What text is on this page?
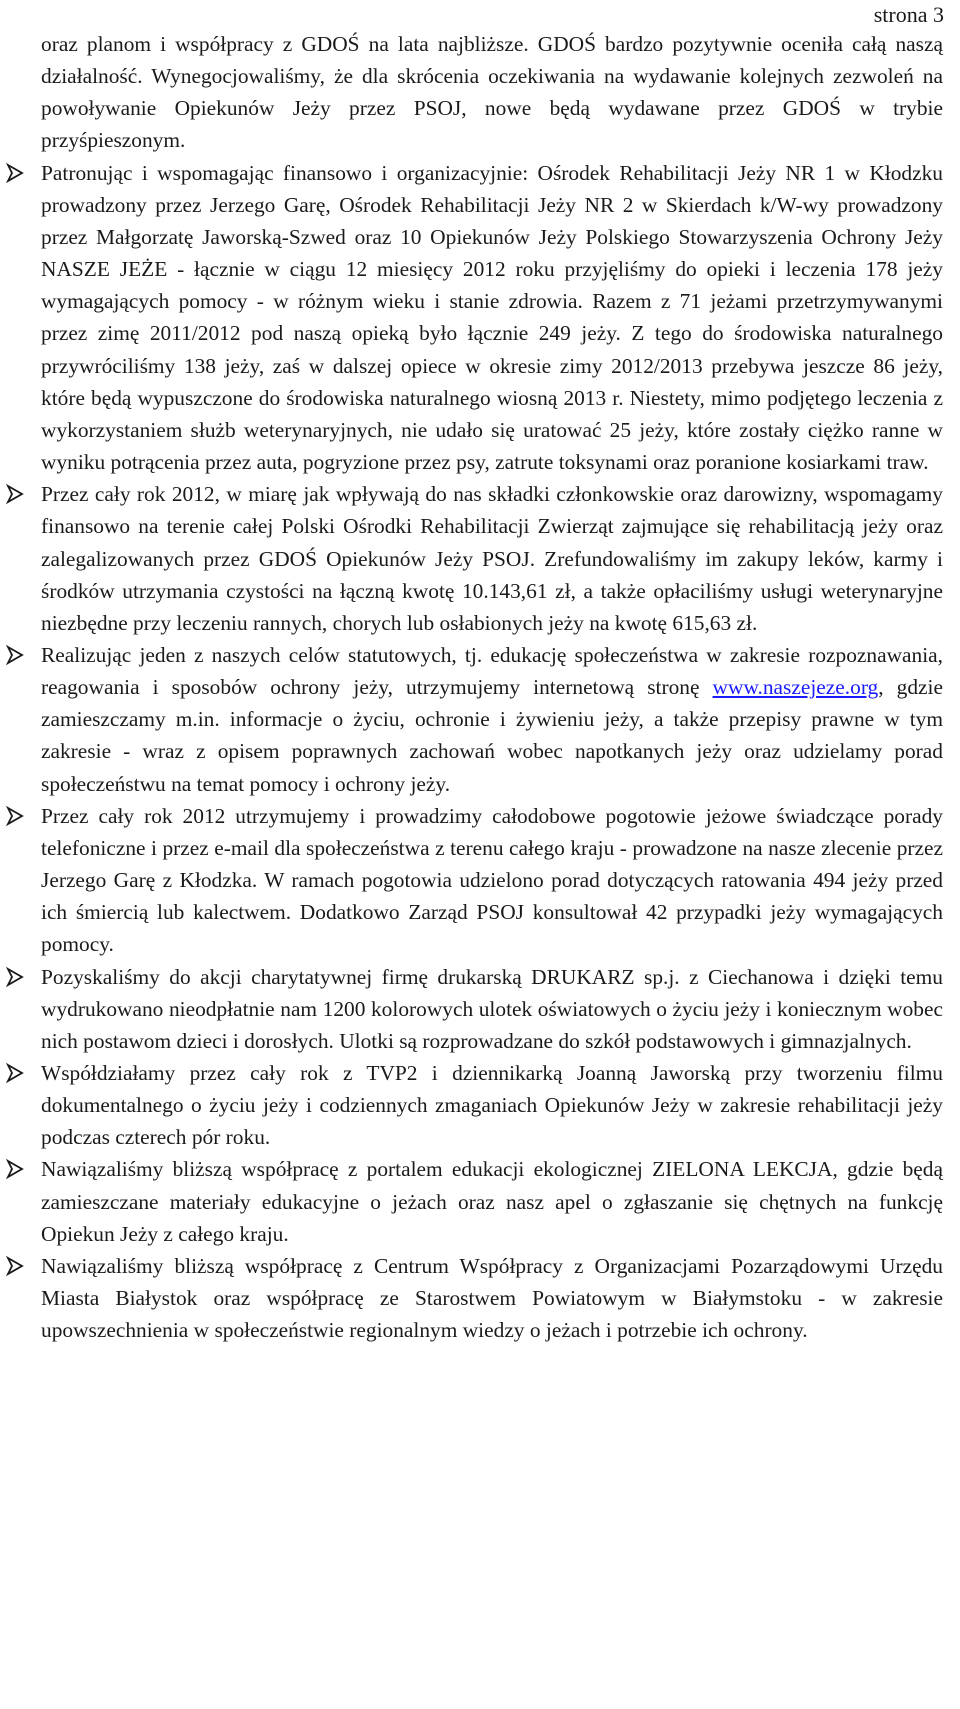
strona 3

oraz planom i współpracy z GDOŚ na lata najbliższe. GDOŚ bardzo pozytywnie oceniła całą naszą działalność. Wynegocjowaliśmy, że dla skrócenia oczekiwania na wydawanie kolejnych zezwoleń na powoływanie Opiekunów Jeży przez PSOJ, nowe będą wydawane przez GDOŚ w trybie przyśpieszonym.

Patronując i wspomagając finansowo i organizacyjnie: Ośrodek Rehabilitacji Jeży NR 1 w Kłodzku prowadzony przez Jerzego Garę, Ośrodek Rehabilitacji Jeży NR 2 w Skierdach k/W-wy prowadzony przez Małgorzatę Jaworską-Szwed oraz 10 Opiekunów Jeży Polskiego Stowarzyszenia Ochrony Jeży NASZE JEŻE - łącznie w ciągu 12 miesięcy 2012 roku przyjęliśmy do opieki i leczenia 178 jeży wymagających pomocy - w różnym wieku i stanie zdrowia. Razem z 71 jeżami przetrzymywanymi przez zimę 2011/2012 pod naszą opieką było łącznie 249 jeży. Z tego do środowiska naturalnego przywróciliśmy 138 jeży, zaś w dalszej opiece w okresie zimy 2012/2013 przebywa jeszcze 86 jeży, które będą wypuszczone do środowiska naturalnego wiosną 2013 r. Niestety, mimo podjętego leczenia z wykorzystaniem służb weterynaryjnych, nie udało się uratować 25 jeży, które zostały ciężko ranne w wyniku potrącenia przez auta, pogryzione przez psy, zatrute toksynami oraz poranione kosiarkami traw.
Przez cały rok 2012, w miarę jak wpływają do nas składki członkowskie oraz darowizny, wspomagamy finansowo na terenie całej Polski Ośrodki Rehabilitacji Zwierząt zajmujące się rehabilitacją jeży oraz zalegalizowanych przez GDOŚ Opiekunów Jeży PSOJ. Zrefundowaliśmy im zakupy leków, karmy i środków utrzymania czystości na łączną kwotę 10.143,61 zł, a także opłaciliśmy usługi weterynaryjne niezbędne przy leczeniu rannych, chorych lub osłabionych jeży na kwotę 615,63 zł.
Realizując jeden z naszych celów statutowych, tj. edukację społeczeństwa w zakresie rozpoznawania, reagowania i sposobów ochrony jeży, utrzymujemy internetową stronę www.naszejeze.org, gdzie zamieszczamy m.in. informacje o życiu, ochronie i żywieniu jeży, a także przepisy prawne w tym zakresie - wraz z opisem poprawnych zachowań wobec napotkanych jeży oraz udzielamy porad społeczeństwu na temat pomocy i ochrony jeży.
Przez cały rok 2012 utrzymujemy i prowadzimy całodobowe pogotowie jeżowe świadczące porady telefoniczne i przez e-mail dla społeczeństwa z terenu całego kraju - prowadzone na nasze zlecenie przez Jerzego Garę z Kłodzka. W ramach pogotowia udzielono porad dotyczących ratowania 494 jeży przed ich śmiercią lub kalectwem. Dodatkowo Zarząd PSOJ konsultował 42 przypadki jeży wymagających pomocy.
Pozyskaliśmy do akcji charytatywnej firmę drukarską DRUKARZ sp.j. z Ciechanowa i dzięki temu wydrukowano nieodpłatnie nam 1200 kolorowych ulotek oświatowych o życiu jeży i koniecznym wobec nich postawom dzieci i dorosłych. Ulotki są rozprowadzane do szkół podstawowych i gimnazjalnych.
Współdziałamy przez cały rok z TVP2 i dziennikarką Joanną Jaworską przy tworzeniu filmu dokumentalnego o życiu jeży i codziennych zmaganiach Opiekunów Jeży w zakresie rehabilitacji jeży podczas czterech pór roku.
Nawiązaliśmy bliższą współpracę z portalem edukacji ekologicznej ZIELONA LEKCJA, gdzie będą zamieszczane materiały edukacyjne o jeżach oraz nasz apel o zgłaszanie się chętnych na funkcję Opiekun Jeży z całego kraju.
Nawiązaliśmy bliższą współpracę z Centrum Współpracy z Organizacjami Pozarządowymi Urzędu Miasta Białystok oraz współpracę ze Starostwem Powiatowym w Białymstoku - w zakresie upowszechnienia w społeczeństwie regionalnym wiedzy o jeżach i potrzebie ich ochrony.
